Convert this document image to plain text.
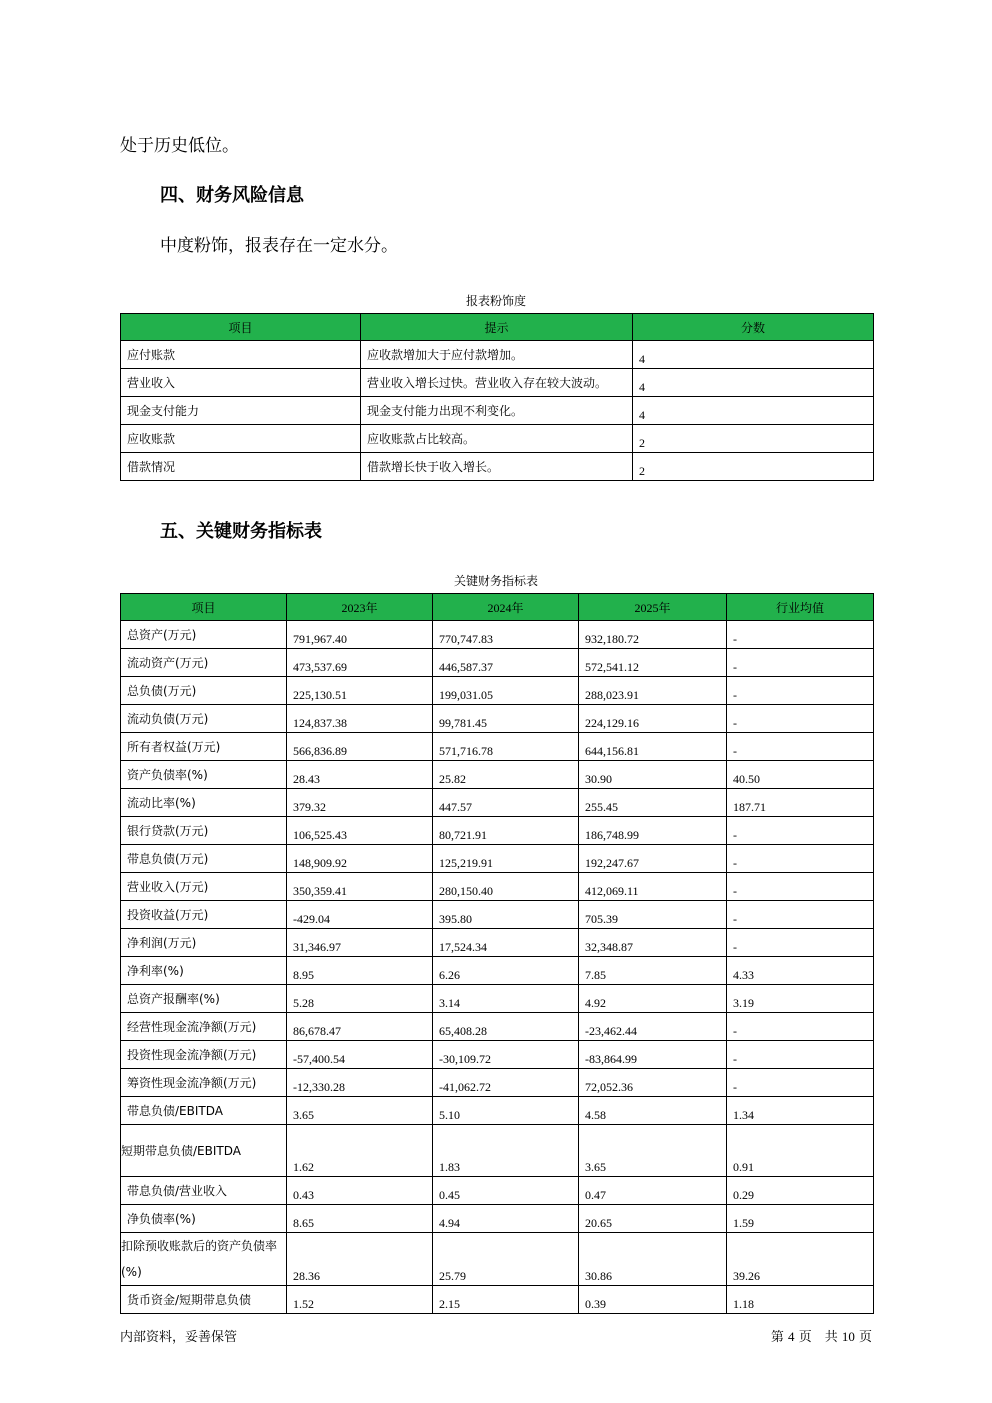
处于历史低位。
四、财务风险信息
中度粉饰，报表存在一定水分。
报表粉饰度
项目	提示	分数
应付账款	应收款增加大于应付款增加。	4
营业收入	营业收入增长过快。营业收入存在较大波动。	4
现金支付能力	现金支付能力出现不利变化。	4
应收账款	应收账款占比较高。	2
借款情况	借款增长快于收入增长。	2
五、关键财务指标表
关键财务指标表
项目	2023年	2024年	2025年	行业均值
总资产(万元)	791,967.40	770,747.83	932,180.72	-
流动资产(万元)	473,537.69	446,587.37	572,541.12	-
总负债(万元)	225,130.51	199,031.05	288,023.91	-
流动负债(万元)	124,837.38	99,781.45	224,129.16	-
所有者权益(万元)	566,836.89	571,716.78	644,156.81	-
资产负债率(%)	28.43	25.82	30.90	40.50
流动比率(%)	379.32	447.57	255.45	187.71
银行贷款(万元)	106,525.43	80,721.91	186,748.99	-
带息负债(万元)	148,909.92	125,219.91	192,247.67	-
营业收入(万元)	350,359.41	280,150.40	412,069.11	-
投资收益(万元)	-429.04	395.80	705.39	-
净利润(万元)	31,346.97	17,524.34	32,348.87	-
净利率(%)	8.95	6.26	7.85	4.33
总资产报酬率(%)	5.28	3.14	4.92	3.19
经营性现金流净额(万元)	86,678.47	65,408.28	-23,462.44	-
投资性现金流净额(万元)	-57,400.54	-30,109.72	-83,864.99	-
筹资性现金流净额(万元)	-12,330.28	-41,062.72	72,052.36	-
带息负债/EBITDA	3.65	5.10	4.58	1.34
短期带息负债/EBITDA	1.62	1.83	3.65	0.91
带息负债/营业收入	0.43	0.45	0.47	0.29
净负债率(%)	8.65	4.94	20.65	1.59
扣除预收账款后的资产负债率(%)	28.36	25.79	30.86	39.26
货币资金/短期带息负债	1.52	2.15	0.39	1.18
内部资料，妥善保管	第 4 页　共 10 页
